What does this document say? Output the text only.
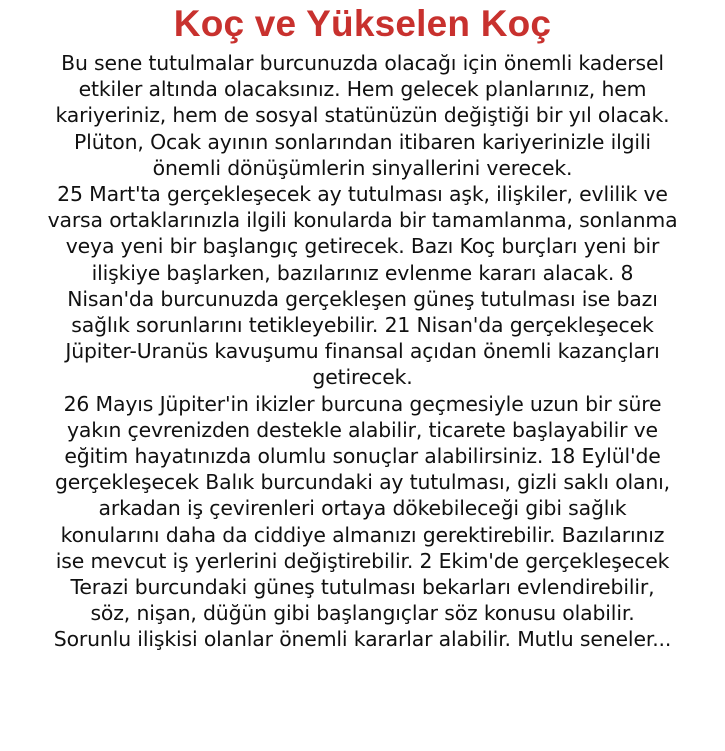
Koç ve Yükselen Koç
Bu sene tutulmalar burcunuzda olacağı için önemli kadersel
etkiler altında olacaksınız. Hem gelecek planlarınız, hem
kariyeriniz, hem de sosyal statünüzün değiştiği bir yıl olacak.
Plüton, Ocak ayının sonlarından itibaren kariyerinizle ilgili
önemli dönüşümlerin sinyallerini verecek.
25 Mart'ta gerçekleşecek ay tutulması aşk, ilişkiler, evlilik ve
varsa ortaklarınızla ilgili konularda bir tamamlanma, sonlanma
veya yeni bir başlangıç getirecek. Bazı Koç burçları yeni bir
ilişkiye başlarken, bazılarınız evlenme kararı alacak. 8
Nisan'da burcunuzda gerçekleşen güneş tutulması ise bazı
sağlık sorunlarını tetikleyebilir. 21 Nisan'da gerçekleşecek
Jüpiter-Uranüs kavuşumu finansal açıdan önemli kazançları
getirecek.
26 Mayıs Jüpiter'in ikizler burcuna geçmesiyle uzun bir süre
yakın çevrenizden destekle alabilir, ticarete başlayabilir ve
eğitim hayatınızda olumlu sonuçlar alabilirsiniz. 18 Eylül'de
gerçekleşecek Balık burcundaki ay tutulması, gizli saklı olanı,
arkadan iş çevirenleri ortaya dökebileceği gibi sağlık
konularını daha da ciddiye almanızı gerektirebilir. Bazılarınız
ise mevcut iş yerlerini değiştirebilir. 2 Ekim'de gerçekleşecek
Terazi burcundaki güneş tutulması bekarları evlendirebilir,
söz, nişan, düğün gibi başlangıçlar söz konusu olabilir.
Sorunlu ilişkisi olanlar önemli kararlar alabilir. Mutlu seneler...
